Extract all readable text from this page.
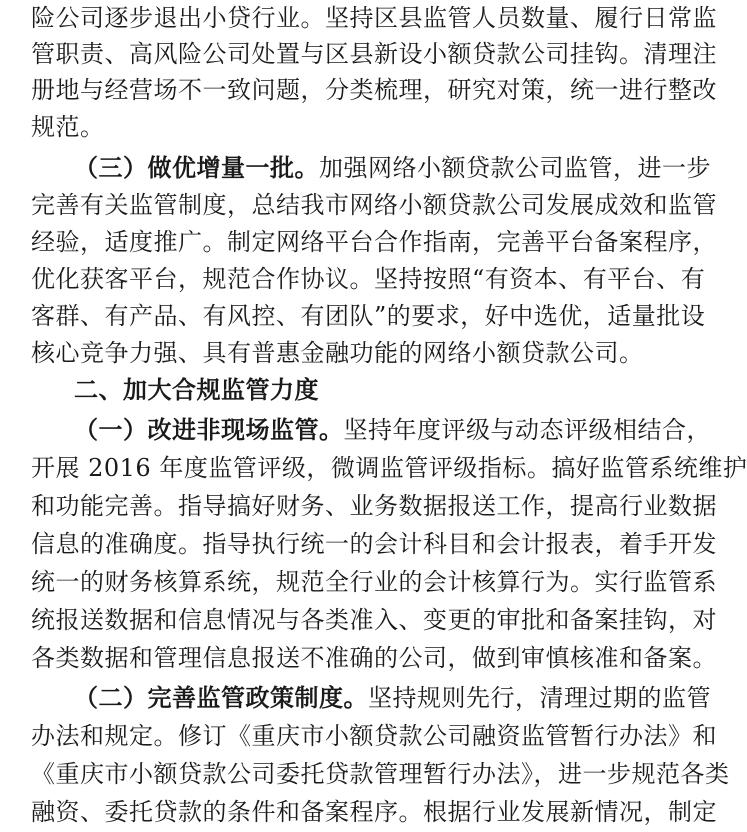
险公司逐步退出小贷行业。坚持区县监管人员数量、履行日常监
管职责、高风险公司处置与区县新设小额贷款公司挂钩。清理注
册地与经营场不一致问题，分类梳理，研究对策，统一进行整改
规范。
（三）做优增量一批。加强网络小额贷款公司监管，进一步
完善有关监管制度，总结我市网络小额贷款公司发展成效和监管
经验，适度推广。制定网络平台合作指南，完善平台备案程序，
优化获客平台，规范合作协议。坚持按照“有资本、有平台、有
客群、有产品、有风控、有团队”的要求，好中选优，适量批设
核心竞争力强、具有普惠金融功能的网络小额贷款公司。
二、加大合规监管力度
（一）改进非现场监管。坚持年度评级与动态评级相结合，
开展 2016 年度监管评级，微调监管评级指标。搞好监管系统维护
和功能完善。指导搞好财务、业务数据报送工作，提高行业数据
信息的准确度。指导执行统一的会计科目和会计报表，着手开发
统一的财务核算系统，规范全行业的会计核算行为。实行监管系
统报送数据和信息情况与各类准入、变更的审批和备案挂钩，对
各类数据和管理信息报送不准确的公司，做到审慎核准和备案。
（二）完善监管政策制度。坚持规则先行，清理过期的监管
办法和规定。修订《重庆市小额贷款公司融资监管暂行办法》和
《重庆市小额贷款公司委托贷款管理暂行办法》，进一步规范各类
融资、委托贷款的条件和备案程序。根据行业发展新情况，制定
